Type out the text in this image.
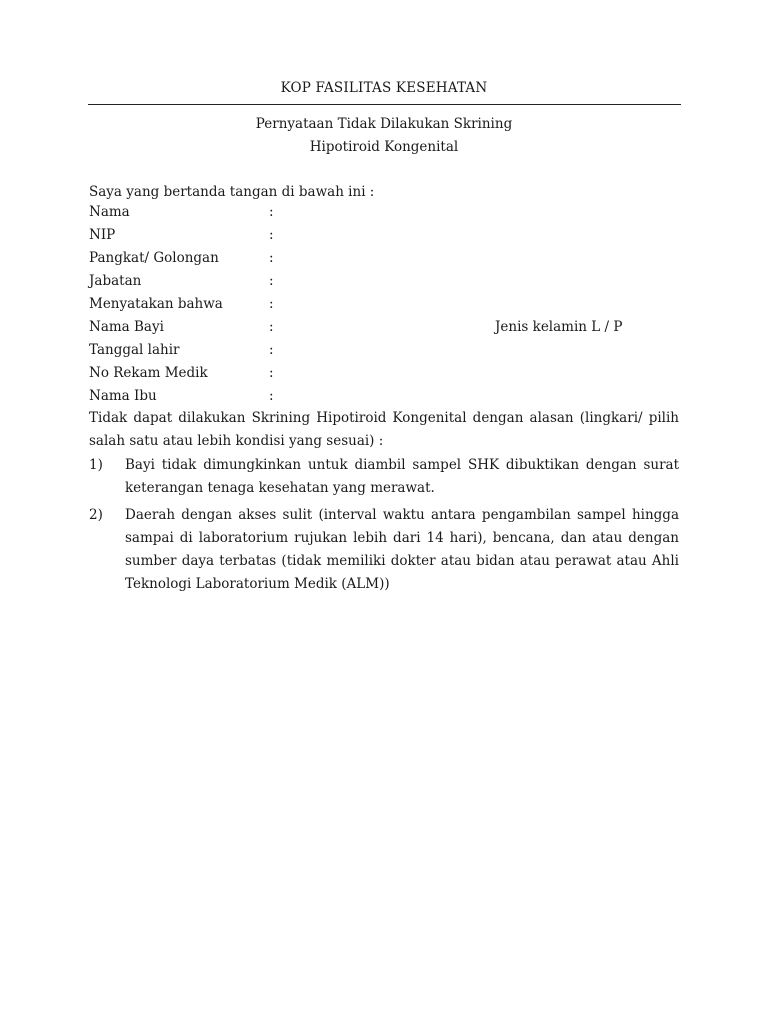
KOP FASILITAS KESEHATAN
Pernyataan Tidak Dilakukan Skrining
Hipotiroid Kongenital
Saya yang bertanda tangan di bawah ini :
Nama	:
NIP	:
Pangkat/ Golongan	:
Jabatan	:
Menyatakan bahwa	:
Nama Bayi	:	Jenis kelamin L / P
Tanggal lahir	:
No Rekam Medik	:
Nama Ibu	:
Tidak dapat dilakukan Skrining Hipotiroid Kongenital dengan alasan (lingkari/ pilih salah satu atau lebih kondisi yang sesuai) :
1) Bayi tidak dimungkinkan untuk diambil sampel SHK dibuktikan dengan surat keterangan tenaga kesehatan yang merawat.
2) Daerah dengan akses sulit (interval waktu antara pengambilan sampel hingga sampai di laboratorium rujukan lebih dari 14 hari), bencana, dan atau dengan sumber daya terbatas (tidak memiliki dokter atau bidan atau perawat atau Ahli Teknologi Laboratorium Medik (ALM))
